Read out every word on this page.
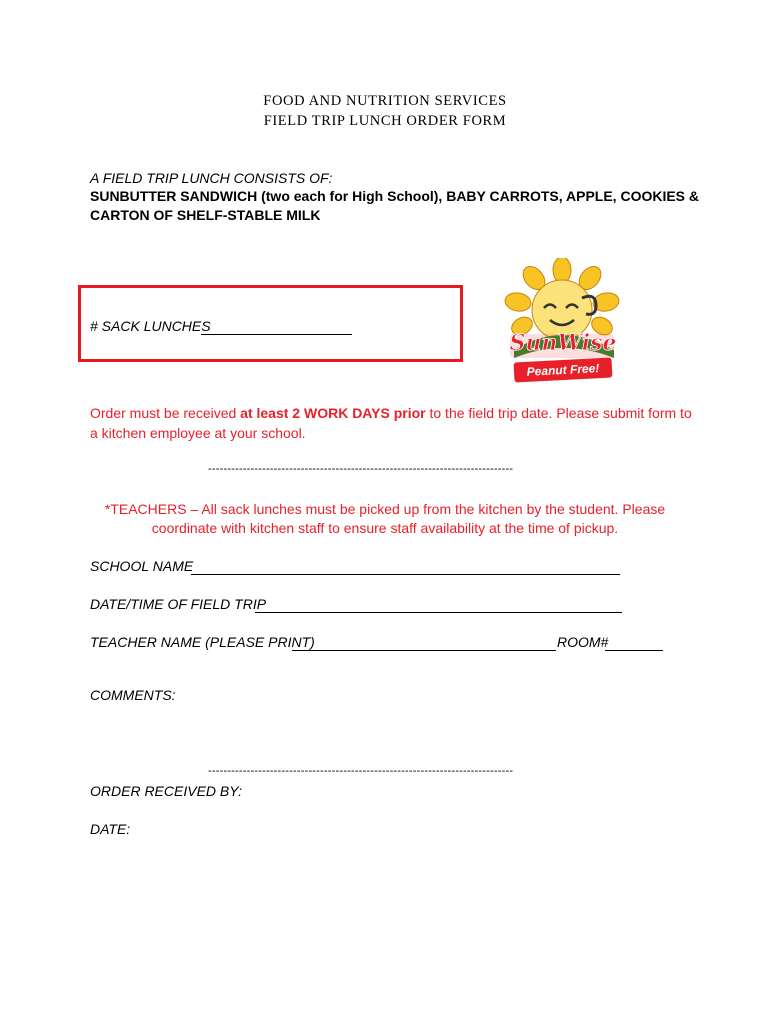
FOOD AND NUTRITION SERVICES
FIELD TRIP LUNCH ORDER FORM
A FIELD TRIP LUNCH CONSISTS OF:
SUNBUTTER SANDWICH (two each for High School), BABY CARROTS, APPLE, COOKIES &
CARTON OF SHELF-STABLE MILK
# SACK LUNCHES
SunWise
Peanut Free!
Order must be received at least 2 WORK DAYS prior to the field trip date. Please submit form to
a kitchen employee at your school.
-------------------------------------------------------------------------------
*TEACHERS – All sack lunches must be picked up from the kitchen by the student. Please
coordinate with kitchen staff to ensure staff availability at the time of pickup.
SCHOOL NAME
DATE/TIME OF FIELD TRIP
TEACHER NAME (PLEASE PRINT)	ROOM#
COMMENTS:
-------------------------------------------------------------------------------
ORDER RECEIVED BY:
DATE:
